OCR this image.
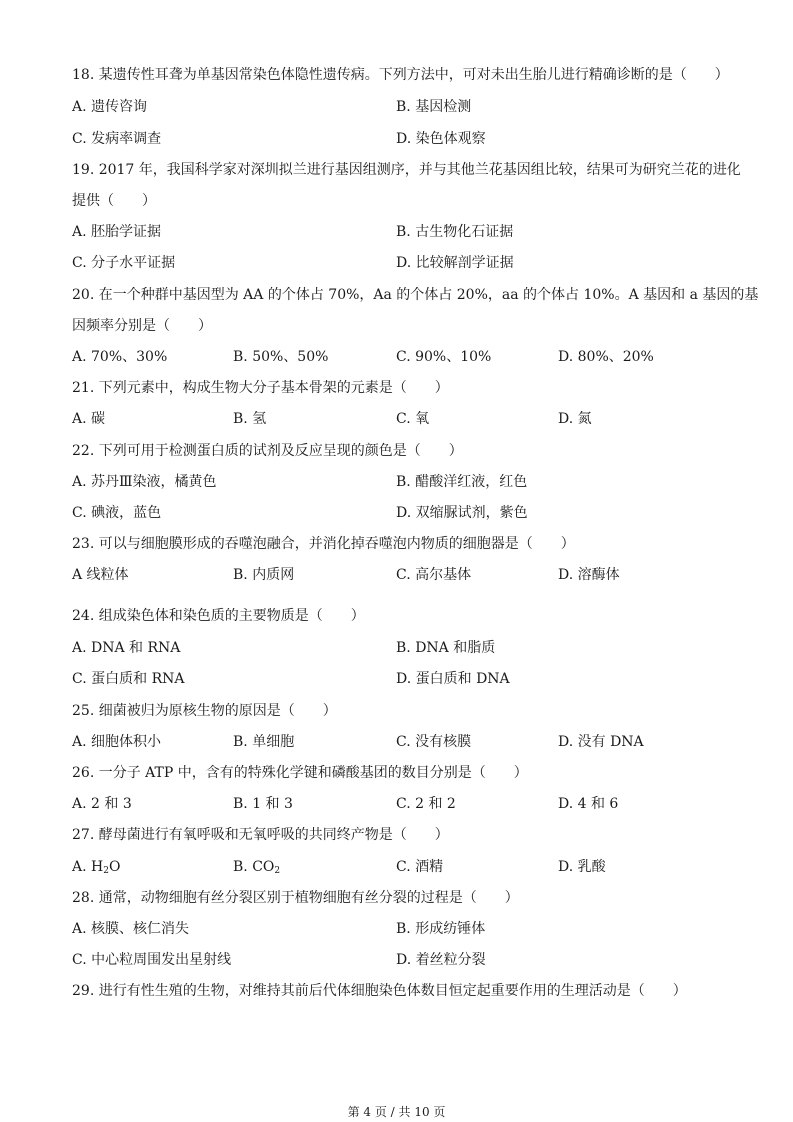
18. 某遗传性耳聋为单基因常染色体隐性遗传病。下列方法中，可对未出生胎儿进行精确诊断的是（　　）
A. 遗传咨询	B. 基因检测
C. 发病率调查	D. 染色体观察
19. 2017 年，我国科学家对深圳拟兰进行基因组测序，并与其他兰花基因组比较，结果可为研究兰花的进化
提供（　　）
A. 胚胎学证据	B. 古生物化石证据
C. 分子水平证据	D. 比较解剖学证据
20. 在一个种群中基因型为 AA 的个体占 70%，Aa 的个体占 20%，aa 的个体占 10%。A 基因和 a 基因的基
因频率分别是（　　）
A. 70%、30%	B. 50%、50%	C. 90%、10%	D. 80%、20%
21. 下列元素中，构成生物大分子基本骨架的元素是（　　）
A. 碳	B. 氢	C. 氧	D. 氮
22. 下列可用于检测蛋白质的试剂及反应呈现的颜色是（　　）
A. 苏丹Ⅲ染液，橘黄色	B. 醋酸洋红液，红色
C. 碘液，蓝色	D. 双缩脲试剂，紫色
23. 可以与细胞膜形成的吞噬泡融合，并消化掉吞噬泡内物质的细胞器是（　　）
A 线粒体	B. 内质网	C. 高尔基体	D. 溶酶体
24. 组成染色体和染色质的主要物质是（　　）
A. DNA 和 RNA	B. DNA 和脂质
C. 蛋白质和 RNA	D. 蛋白质和 DNA
25. 细菌被归为原核生物的原因是（　　）
A. 细胞体积小	B. 单细胞	C. 没有核膜	D. 没有 DNA
26. 一分子 ATP 中，含有的特殊化学键和磷酸基团的数目分别是（　　）
A. 2 和 3	B. 1 和 3	C. 2 和 2	D. 4 和 6
27. 酵母菌进行有氧呼吸和无氧呼吸的共同终产物是（　　）
A. $H_2O$	B. $CO_2$	C. 酒精	D. 乳酸
28. 通常，动物细胞有丝分裂区别于植物细胞有丝分裂的过程是（　　）
A. 核膜、核仁消失	B. 形成纺锤体
C. 中心粒周围发出星射线	D. 着丝粒分裂
29. 进行有性生殖的生物，对维持其前后代体细胞染色体数目恒定起重要作用的生理活动是（　　）
第 4 页 / 共 10 页
